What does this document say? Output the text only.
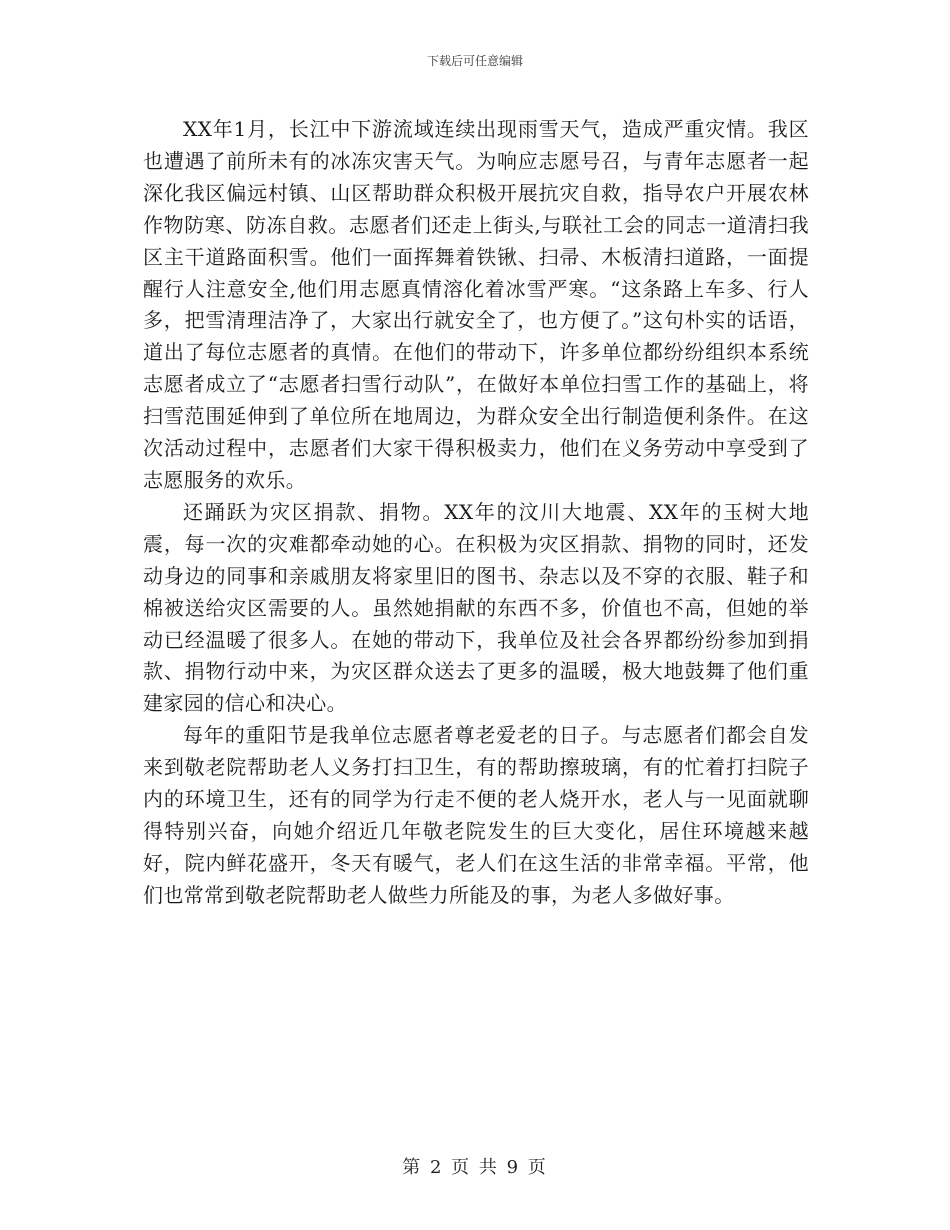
下载后可任意编辑

XX年1月，长江中下游流域连续出现雨雪天气，造成严重灾情。我区也遭遇了前所未有的冰冻灾害天气。为响应志愿号召，与青年志愿者一起深化我区偏远村镇、山区帮助群众积极开展抗灾自救，指导农户开展农林作物防寒、防冻自救。志愿者们还走上街头,与联社工会的同志一道清扫我区主干道路面积雪。他们一面挥舞着铁锹、扫帚、木板清扫道路，一面提醒行人注意安全,他们用志愿真情溶化着冰雪严寒。“这条路上车多、行人多，把雪清理洁净了，大家出行就安全了，也方便了。”这句朴实的话语，道出了每位志愿者的真情。在他们的带动下，许多单位都纷纷组织本系统志愿者成立了“志愿者扫雪行动队”，在做好本单位扫雪工作的基础上，将扫雪范围延伸到了单位所在地周边，为群众安全出行制造便利条件。在这次活动过程中，志愿者们大家干得积极卖力，他们在义务劳动中享受到了志愿服务的欢乐。

还踊跃为灾区捐款、捐物。XX年的汶川大地震、XX年的玉树大地震，每一次的灾难都牵动她的心。在积极为灾区捐款、捐物的同时，还发动身边的同事和亲戚朋友将家里旧的图书、杂志以及不穿的衣服、鞋子和棉被送给灾区需要的人。虽然她捐献的东西不多，价值也不高，但她的举动已经温暖了很多人。在她的带动下，我单位及社会各界都纷纷参加到捐款、捐物行动中来，为灾区群众送去了更多的温暖，极大地鼓舞了他们重建家园的信心和决心。

每年的重阳节是我单位志愿者尊老爱老的日子。与志愿者们都会自发来到敬老院帮助老人义务打扫卫生，有的帮助擦玻璃，有的忙着打扫院子内的环境卫生，还有的同学为行走不便的老人烧开水，老人与一见面就聊得特别兴奋，向她介绍近几年敬老院发生的巨大变化，居住环境越来越好，院内鲜花盛开，冬天有暖气，老人们在这生活的非常幸福。平常，他们也常常到敬老院帮助老人做些力所能及的事，为老人多做好事。

第 2 页 共 9 页
